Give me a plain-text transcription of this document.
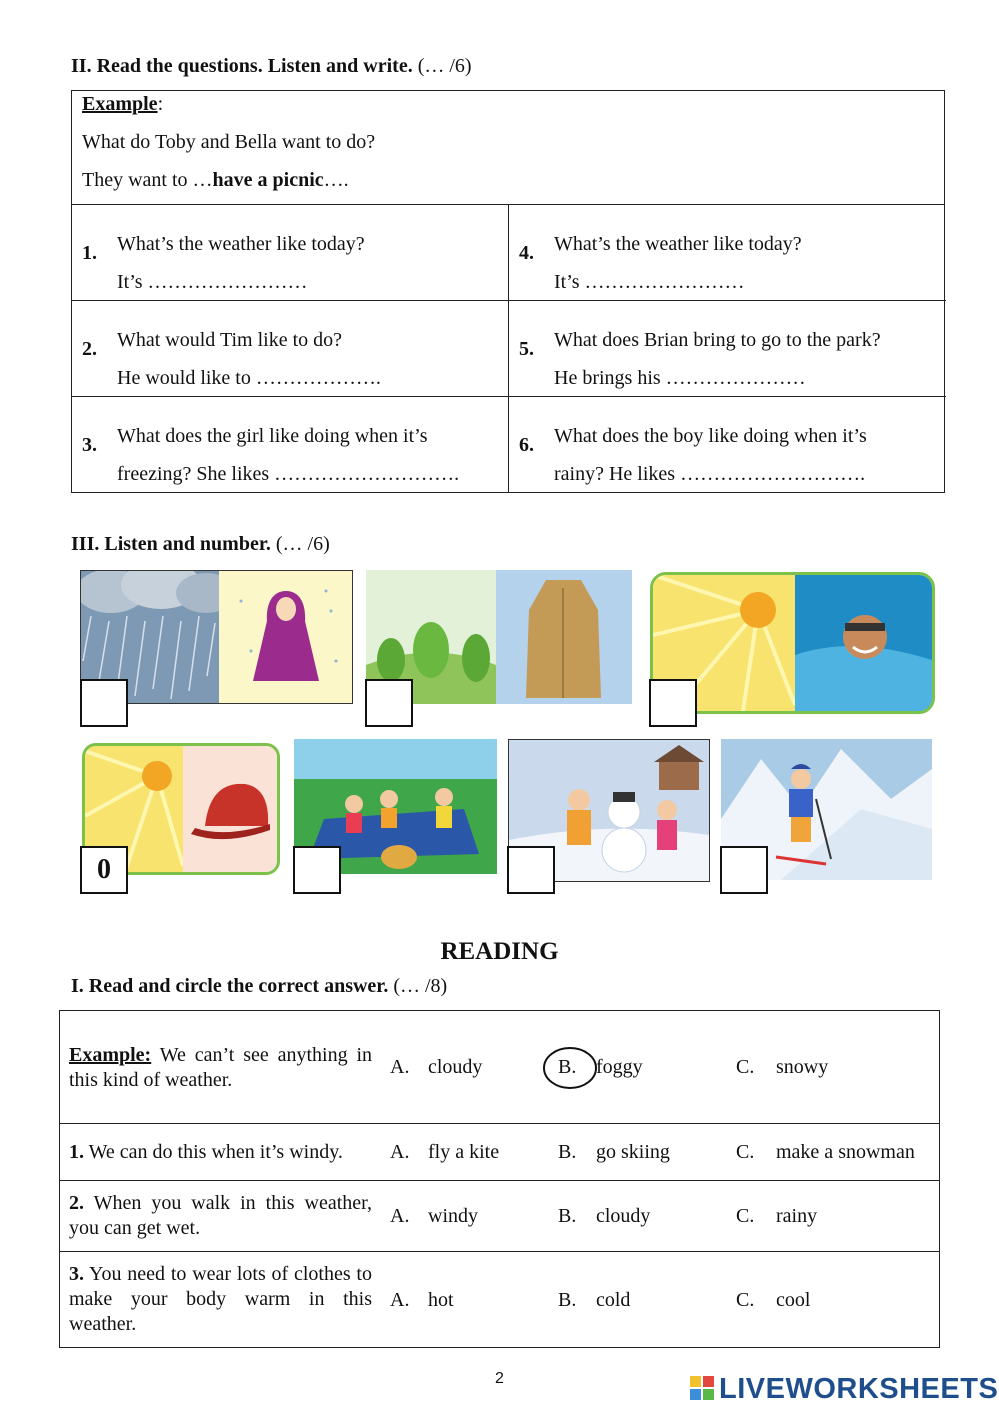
II. Read the questions. Listen and write. (… /6)
Example:
What do Toby and Bella want to do?
They want to …have a picnic….
1. What’s the weather like today?
It’s ……………………
4. What’s the weather like today?
It’s ……………………
2. What would Tim like to do?
He would like to ……………….
5. What does Brian bring to go to the park?
He brings his …………………
3. What does the girl like doing when it’s
freezing? She likes ……………………….
6. What does the boy like doing when it’s
rainy? He likes ……………………….
III. Listen and number. (… /6)
0
READING
I. Read and circle the correct answer. (… /8)
Example: We can’t see anything in this kind of weather.
A. cloudy	B. foggy	C. snowy
1. We can do this when it’s windy.	A. fly a kite	B. go skiing	C. make a snowman
2. When you walk in this weather, you can get wet.
A. windy	B. cloudy	C. rainy
3. You need to wear lots of clothes to make your body warm in this weather.
A. hot	B. cold	C. cool
2	LIVEWORKSHEETS
